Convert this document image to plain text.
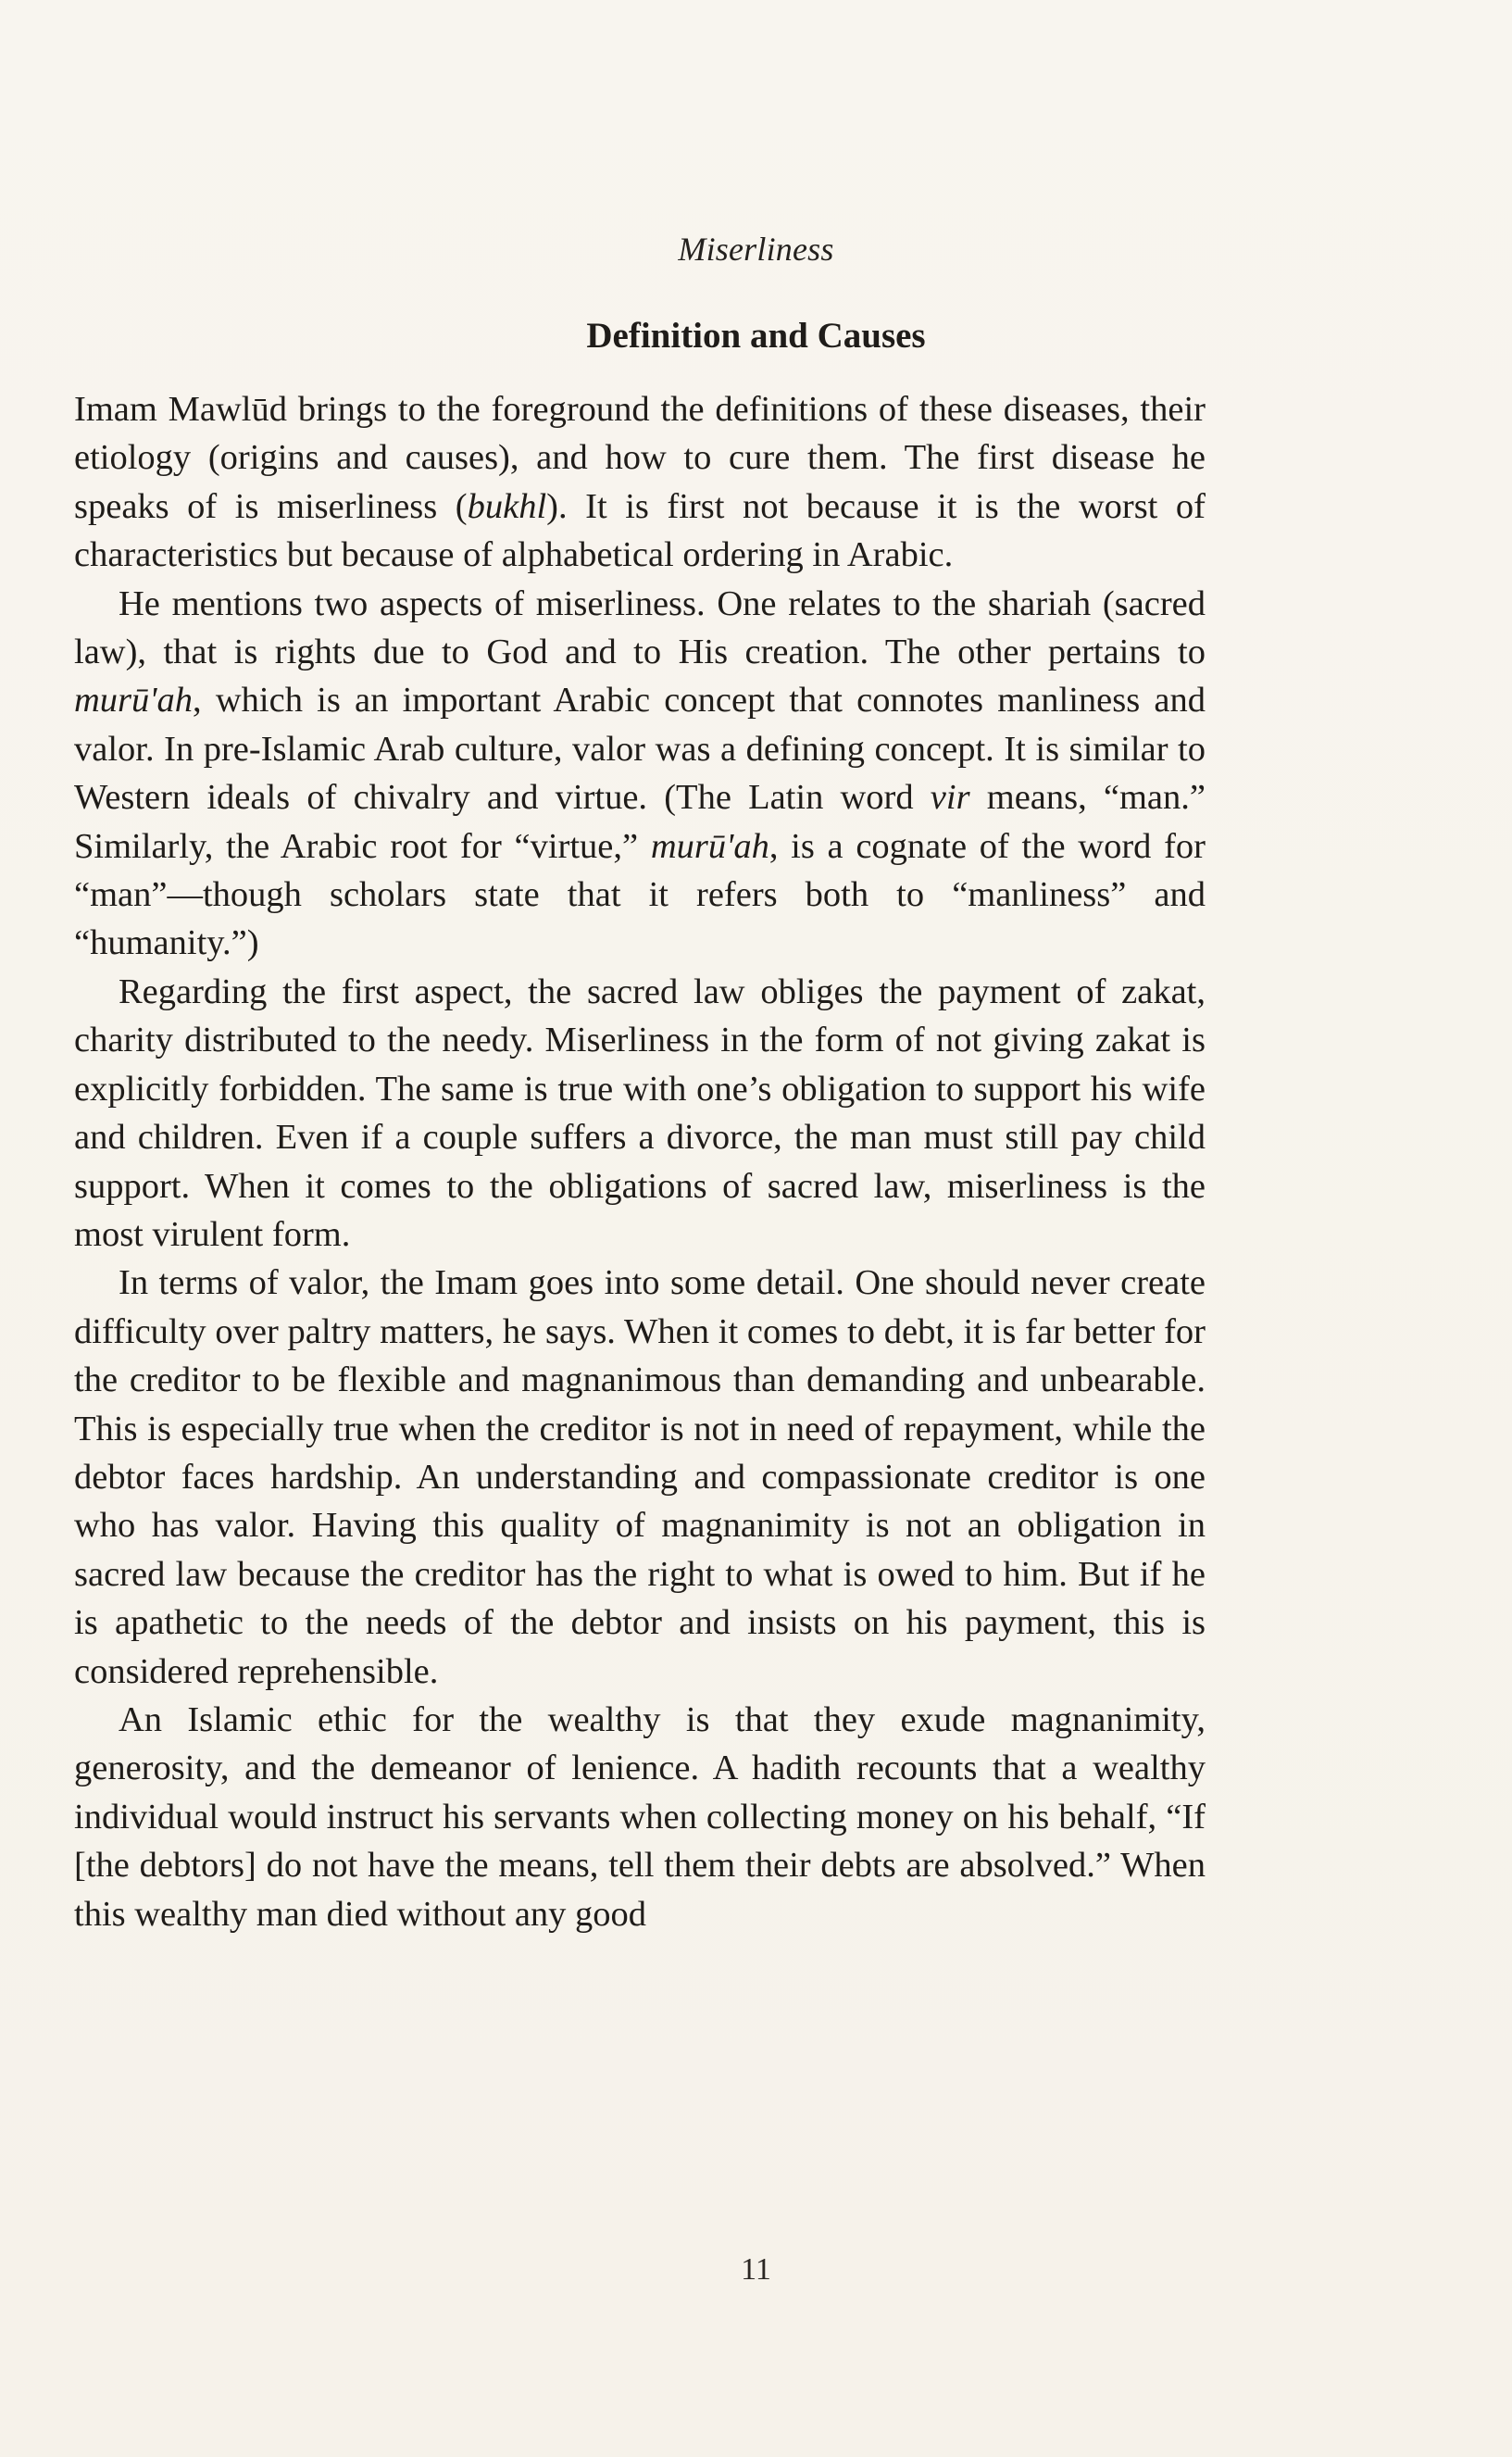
Miserliness
Definition and Causes

Imam Mawlūd brings to the foreground the definitions of these diseases, their etiology (origins and causes), and how to cure them. The first disease he speaks of is miserliness (bukhl). It is first not because it is the worst of characteristics but because of alphabetical ordering in Arabic.

He mentions two aspects of miserliness. One relates to the shariah (sacred law), that is rights due to God and to His creation. The other pertains to murū'ah, which is an important Arabic concept that connotes manliness and valor. In pre-Islamic Arab culture, valor was a defining concept. It is similar to Western ideals of chivalry and virtue. (The Latin word vir means, “man.” Similarly, the Arabic root for “virtue,” murū'ah, is a cognate of the word for “man”—though scholars state that it refers both to “manliness” and “humanity.”)

Regarding the first aspect, the sacred law obliges the payment of zakat, charity distributed to the needy. Miserliness in the form of not giving zakat is explicitly forbidden. The same is true with one’s obligation to support his wife and children. Even if a couple suffers a divorce, the man must still pay child support. When it comes to the obligations of sacred law, miserliness is the most virulent form.

In terms of valor, the Imam goes into some detail. One should never create difficulty over paltry matters, he says. When it comes to debt, it is far better for the creditor to be flexible and magnanimous than demanding and unbearable. This is especially true when the creditor is not in need of repayment, while the debtor faces hardship. An understanding and compassionate creditor is one who has valor. Having this quality of magnanimity is not an obligation in sacred law because the creditor has the right to what is owed to him. But if he is apathetic to the needs of the debtor and insists on his payment, this is considered reprehensible.

An Islamic ethic for the wealthy is that they exude magnanimity, generosity, and the demeanor of lenience. A hadith recounts that a wealthy individual would instruct his servants when collecting money on his behalf, “If [the debtors] do not have the means, tell them their debts are absolved.” When this wealthy man died without any good

11
